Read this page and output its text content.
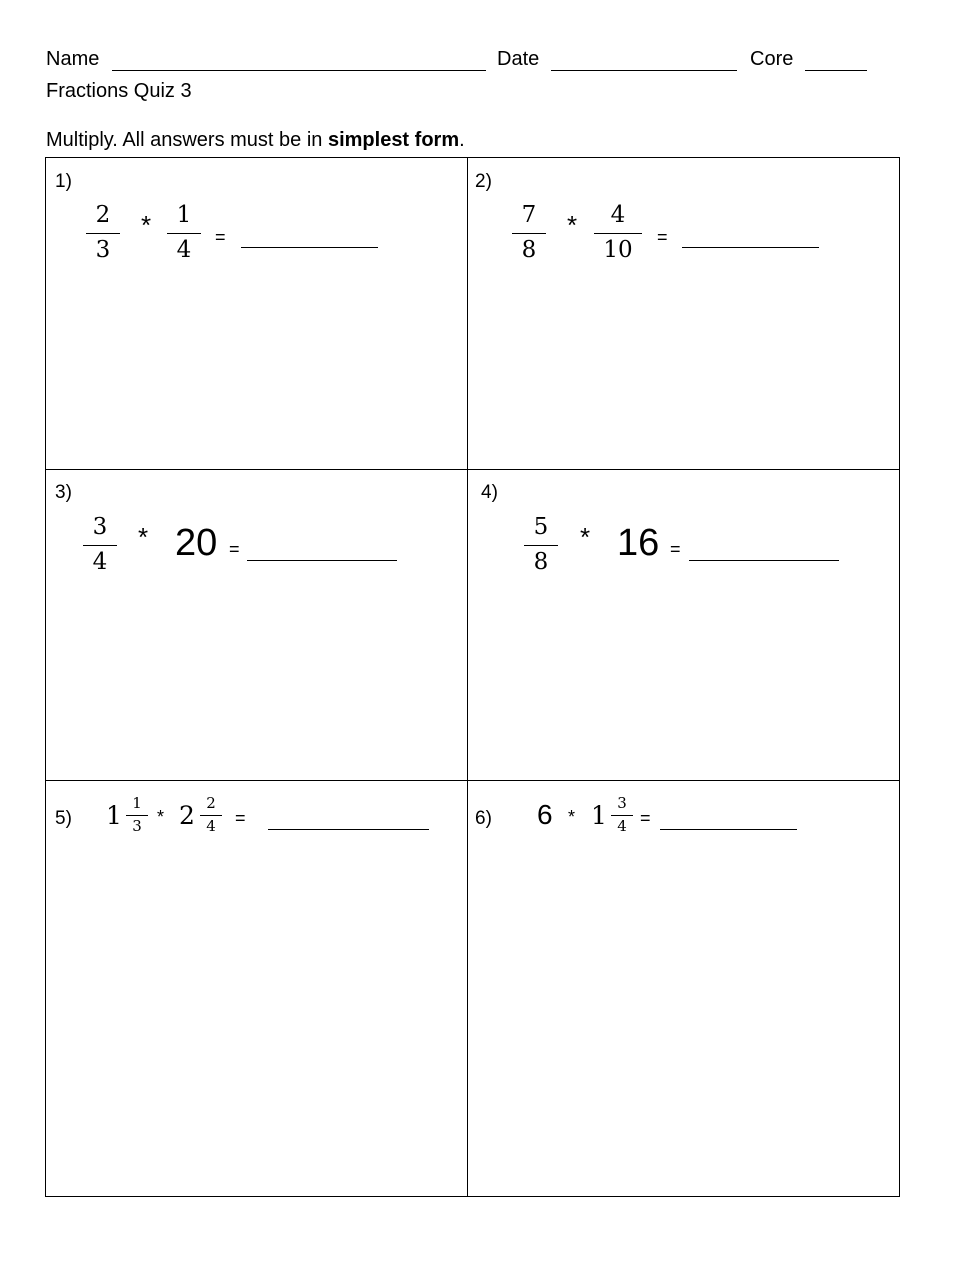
Name	Date	Core
Fractions Quiz 3
Multiply. All answers must be in simplest form.
1)
2
3
* 1
4 =
2)
7
8
* 4
10 =
3)
3
4
* 20 =
4)
5
8
* 16 =
5) 1 1
3 * 2 2
4 =	6) 6 * 1 3
4 =
